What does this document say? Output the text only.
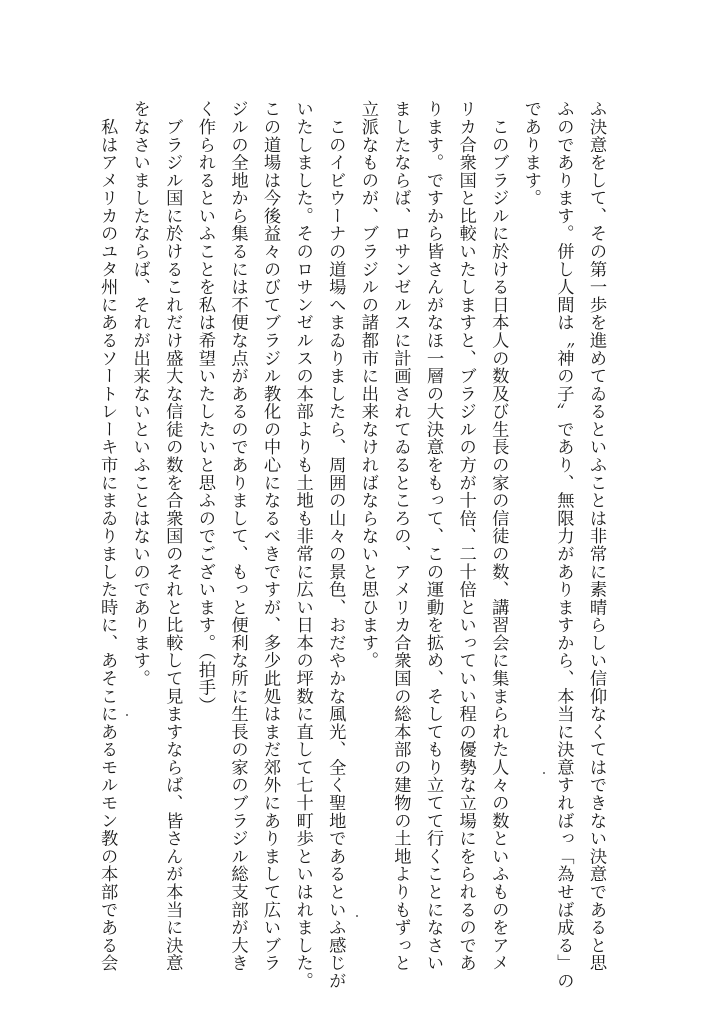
ふ決意をして、その第一歩を進めてゐるといふことは非常に素晴らしい信仰なくてはできない決意であると思
ふのであります。併し人間は〝神の子〟であり、無限力がありますから、本当に決意すればっ「為せば成る」の
であります。
　このブラジルに於ける日本人の数及び生長の家の信徒の数、講習会に集まられた人々の数といふものをアメ
リカ合衆国と比較いたしますと、ブラジルの方が十倍、二十倍といっていい程の優勢な立場にをられるのであ
ります。ですから皆さんがなほ一層の大決意をもって、この運動を拡め、そしてもり立てて行くことになさい
ましたならば、ロサンゼルスに計画されてゐるところの、アメリカ合衆国の総本部の建物の土地よりもずっと
立派なものが、ブラジルの諸都市に出来なければならないと思ひます。
　このイビウーナの道場へまゐりましたら、周囲の山々の景色、おだやかな風光、全く聖地であるといふ感じが
いたしました。そのロサンゼルスの本部よりも土地も非常に広い日本の坪数に直して七十町歩といはれました。
この道場は今後益々のびてブラジル教化の中心になるべきですが、多少此処はまだ郊外にありまして広いブラ
ジルの全地から集るには不便な点があるのでありまして、もっと便利な所に生長の家のブラジル総支部が大き
く作られるといふことを私は希望いたしたいと思ふのでございます。（拍手）
　ブラジル国に於けるこれだけ盛大な信徒の数を合衆国のそれと比較して見ますならば、皆さんが本当に決意
をなさいましたならば、それが出来ないといふことはないのであります。
　私はアメリカのユタ州にあるソートレーキ市にまゐりました時に、あそこにあるモルモン教の本部である会
